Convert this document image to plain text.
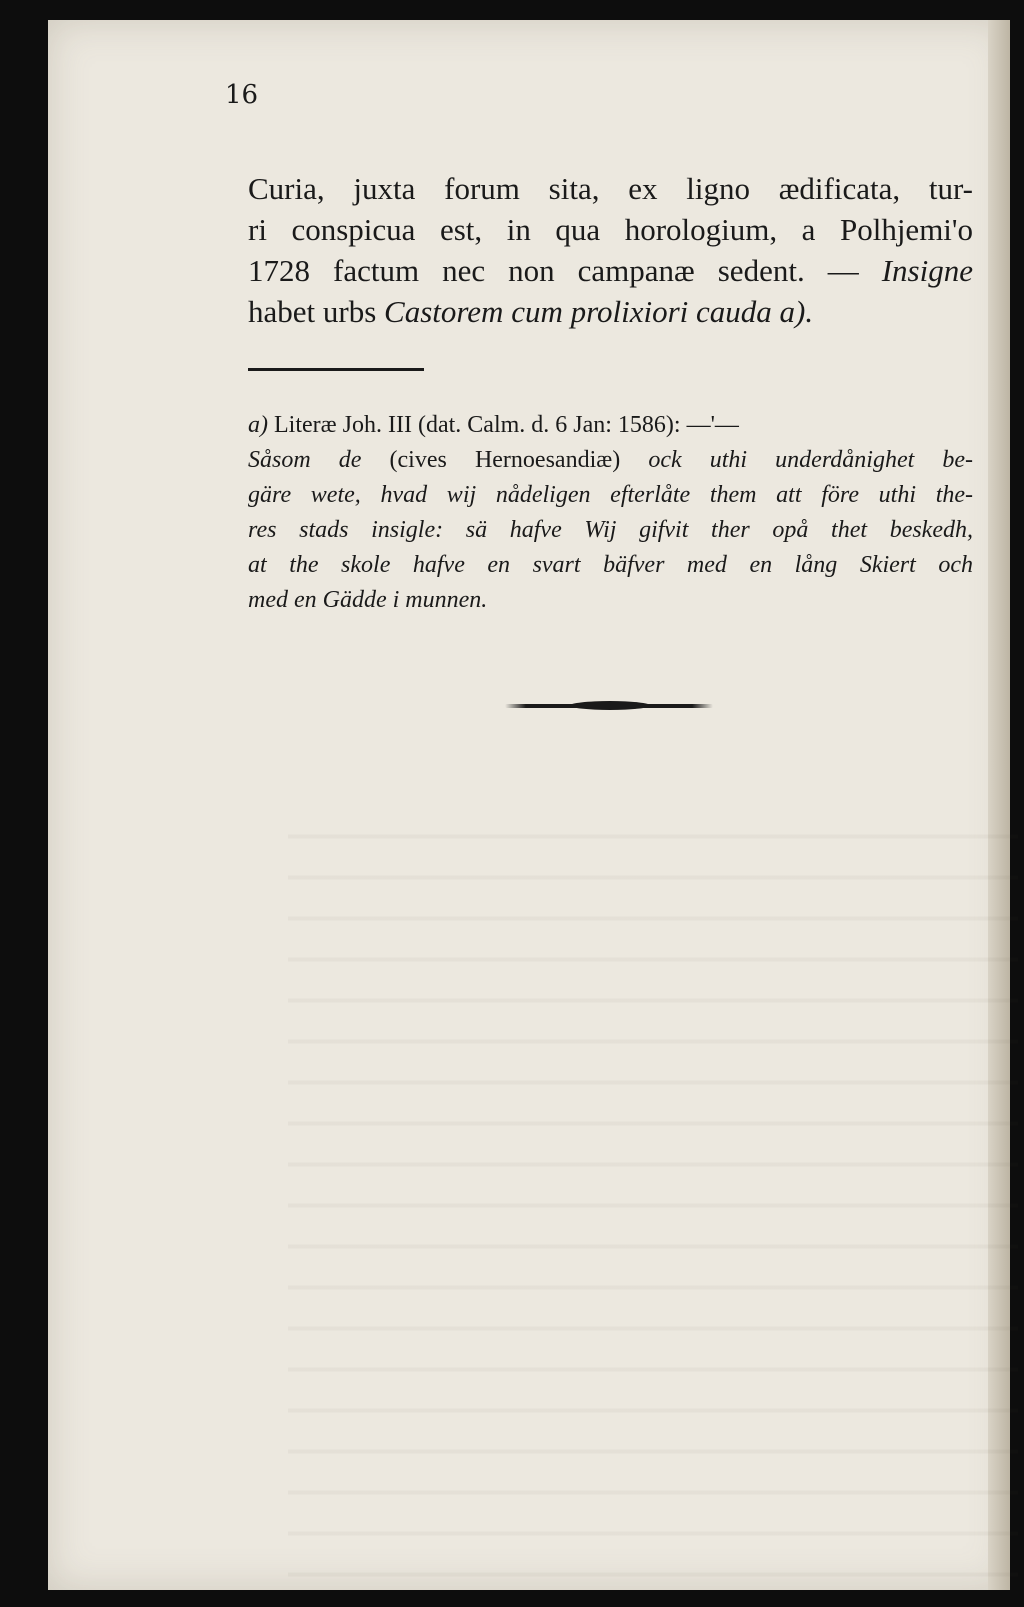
16
Curia, juxta forum sita, ex ligno ædificata, tur-
ri conspicua est, in qua horologium, a Polhjemi'o
1728 factum nec non campanæ sedent. — Insigne
habet urbs Castorem cum prolixiori cauda a).
a) Literæ Joh. III (dat. Calm. d. 6 Jan: 1586): —'—
Såsom de (cives Hernoesandiæ) ock uthi underdånighet be-
gäre wete, hvad wij nådeligen efterlåte them att före uthi the-
res stads insigle: sä hafve Wij gifvit ther opå thet beskedh,
at the skole hafve en svart bäfver med en lång Skiert och
med en Gädde i munnen.
